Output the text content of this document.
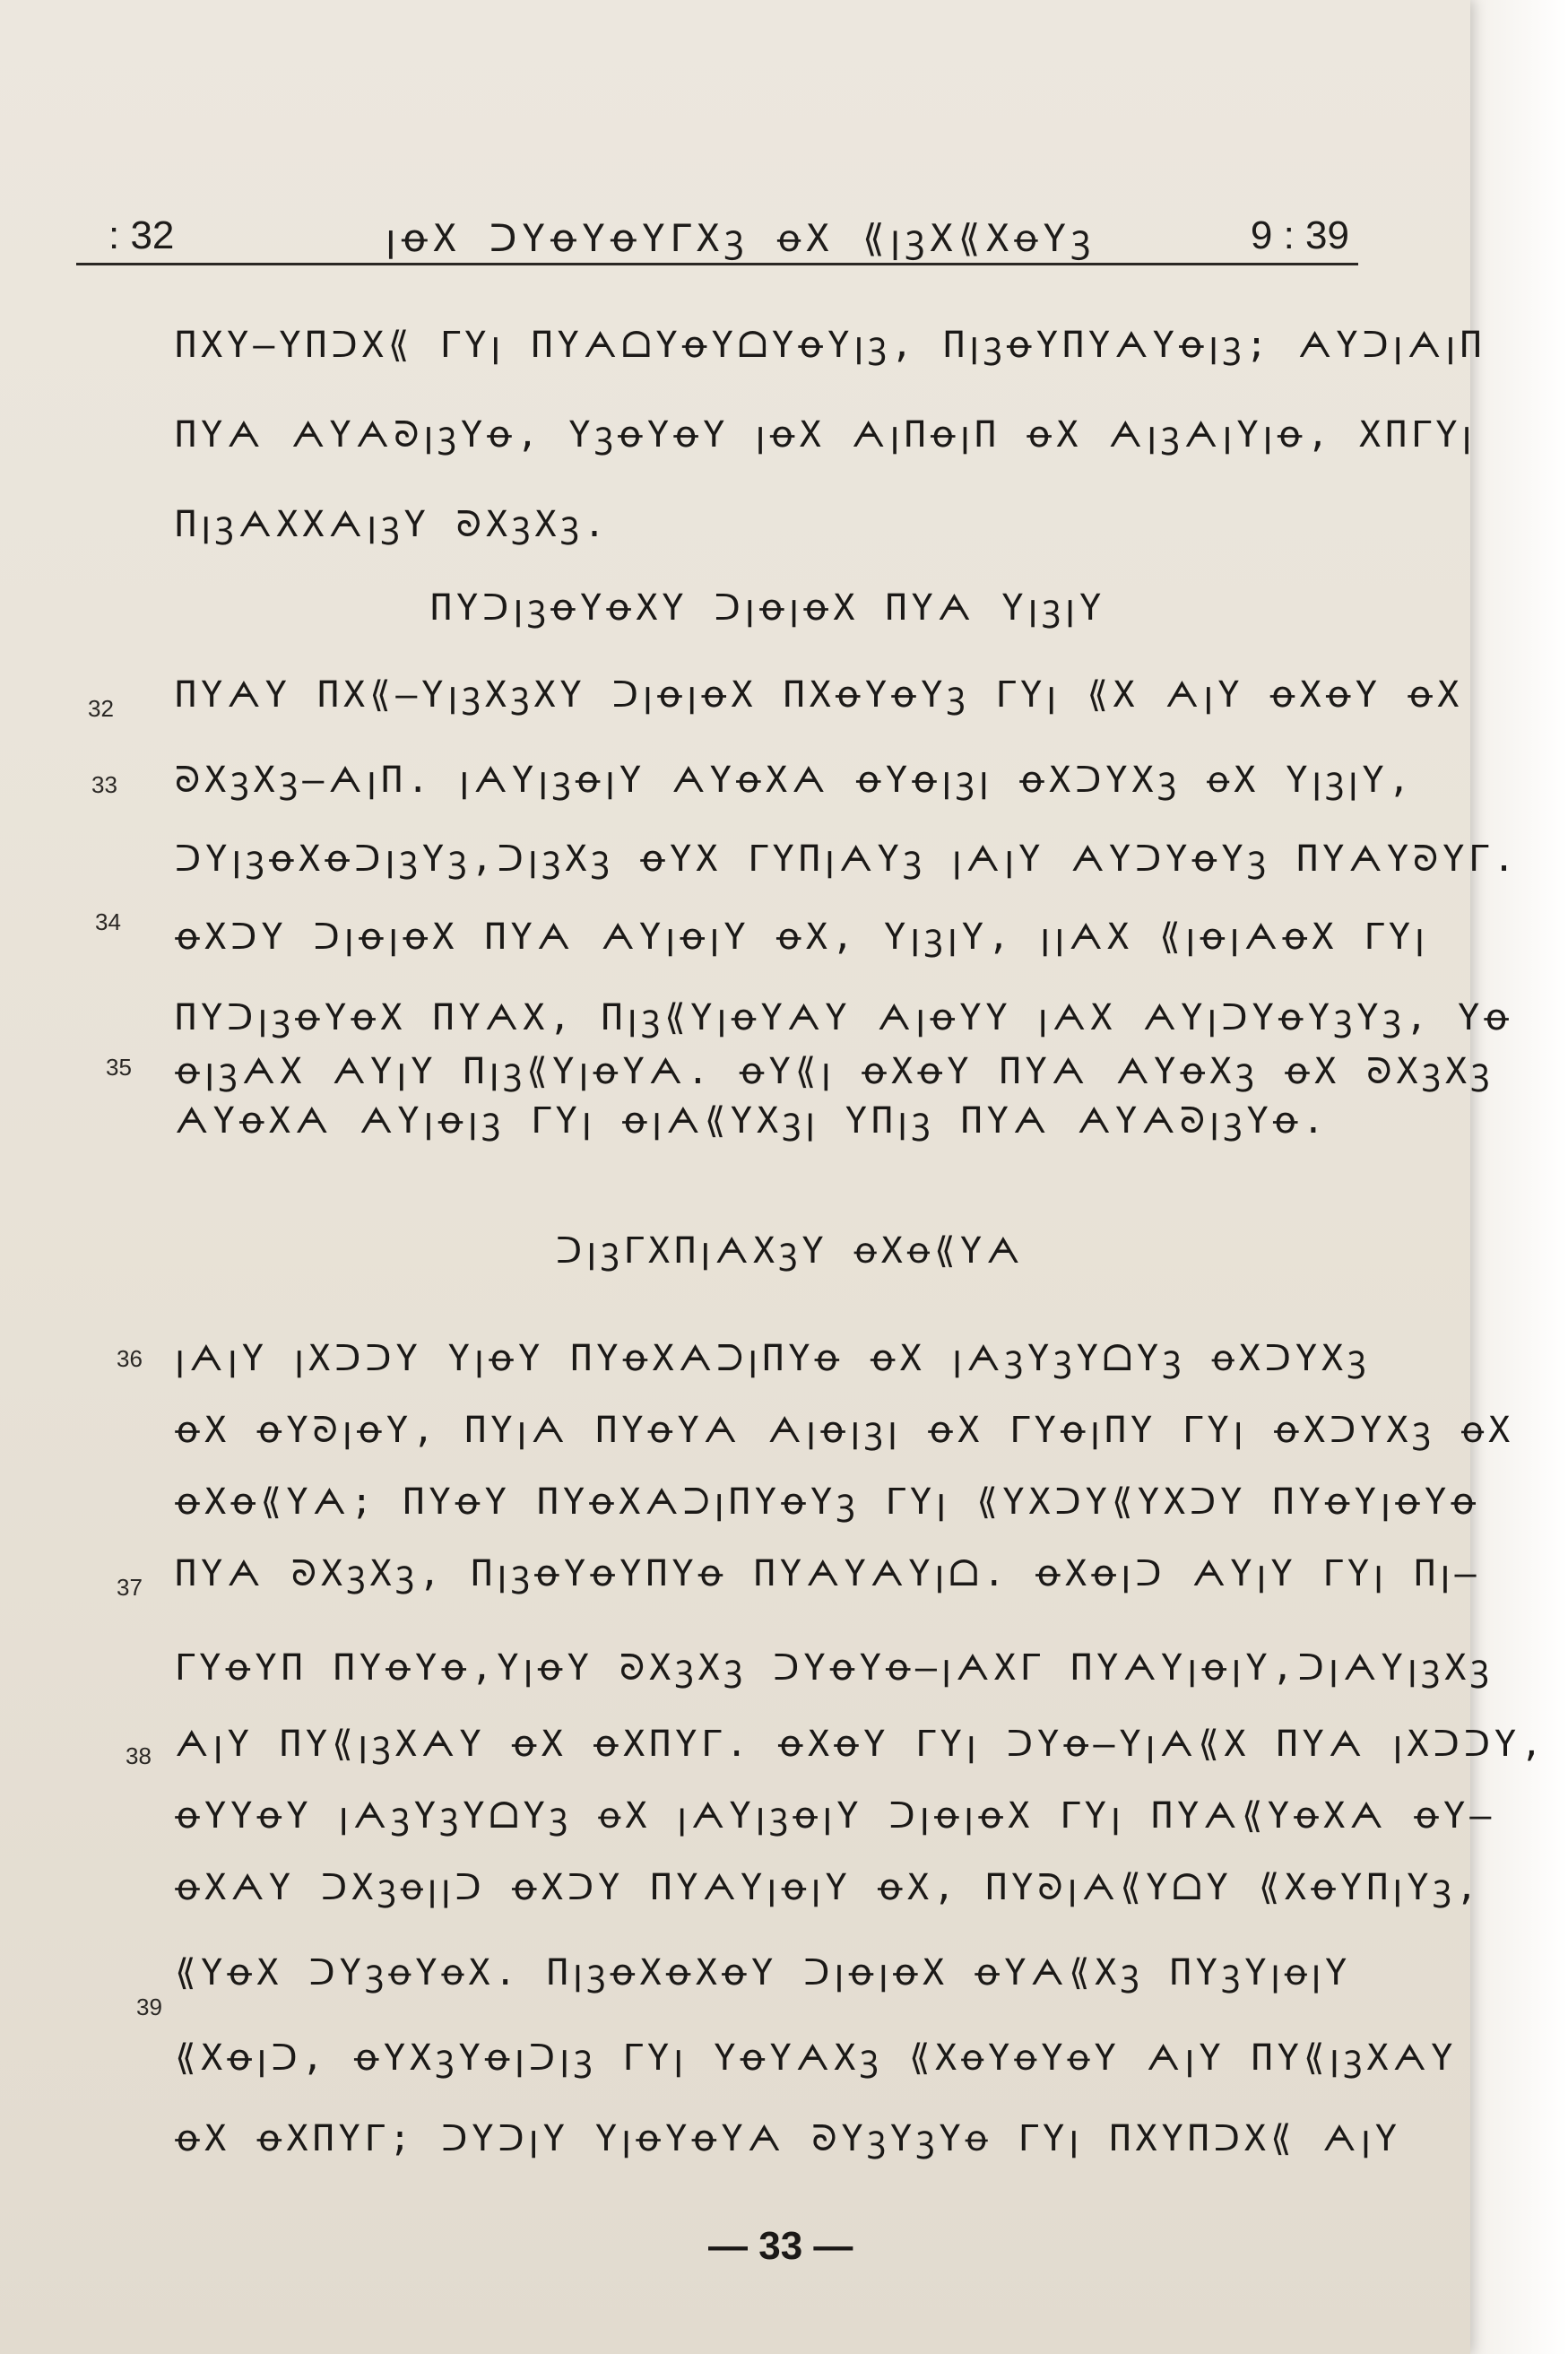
: 32	ꞁꝋX ᑐYꝋYꝋYᒥXꝫ ꝋX ⟪ꞁꝫX⟪XꝋYꝫ	9 : 39
ПXY–YПᑐX⟪ ᒥYꞁ ПYᗅᗝYꝋYᗝYꝋYꞁꝫ, ПꞁꝫꝋYПYᗅYꝋꞁꝫ; ᗅYᑐꞁᗅꞁП
ПYᗅ ᗅYᗅᘐꞁꝫYꝋ, YꝫꝋYꝋY ꞁꝋX ᗅꞁПꝋꞁП ꝋX ᗅꞁꝫᗅꞁYꞁꝋ, XПᒥYꞁ
ПꞁꝫᗅXXᗅꞁꝫY ᘐXꝫXꝫ.
ПYᑐꞁꝫꝋYꝋXY ᑐꞁꝋꞁꝋX ПYᗅ YꞁꝫꞁY
ПYᗅY ПX⟪–YꞁꝫXꝫXY ᑐꞁꝋꞁꝋX ПXꝋYꝋYꝫ ᒥYꞁ ⟪X ᗅꞁY ꝋXꝋY ꝋX
ᘐXꝫXꝫ–ᗅꞁП. ꞁᗅYꞁꝫꝋꞁY ᗅYꝋXᗅ ꝋYꝋꞁꝫꞁ ꝋXᑐYXꝫ ꝋX YꞁꝫꞁY,
ᑐYꞁꝫꝋXꝋᑐꞁꝫYꝫ,ᑐꞁꝫXꝫ ꝋYX ᒥYПꞁᗅYꝫ ꞁᗅꞁY ᗅYᑐYꝋYꝫ ПYᗅYᘐYᒥ.
ꝋXᑐY ᑐꞁꝋꞁꝋX ПYᗅ ᗅYꞁꝋꞁY ꝋX, YꞁꝫꞁY, ꞁꞁᗅX ⟪ꞁꝋꞁᗅꝋX ᒥYꞁ
ПYᑐꞁꝫꝋYꝋX ПYᗅX, Пꞁꝫ⟪YꞁꝋYᗅY ᗅꞁꝋYY ꞁᗅX ᗅYꞁᑐYꝋYꝫYꝫ, Yꝋ
ꝋꞁꝫᗅX ᗅYꞁY Пꞁꝫ⟪YꞁꝋYᗅ. ꝋY⟪ꞁ ꝋXꝋY ПYᗅ ᗅYꝋXꝫ ꝋX ᘐXꝫXꝫ
ᗅYꝋXᗅ ᗅYꞁꝋꞁꝫ ᒥYꞁ ꝋꞁᗅ⟪YXꝫꞁ YПꞁꝫ ПYᗅ ᗅYᗅᘐꞁꝫYꝋ.
32
33
34
35
ᑐꞁꝫᒥXПꞁᗅXꝫY ꝋXꝋ⟪Yᗅ
ꞁᗅꞁY ꞁXᑐᑐY YꞁꝋY ПYꝋXᗅᑐꞁПYꝋ ꝋX ꞁᗅꝫYꝫYᗝYꝫ ꝋXᑐYXꝫ
ꝋX ꝋYᘐꞁꝋY, ПYꞁᗅ ПYꝋYᗅ ᗅꞁꝋꞁꝫꞁ ꝋX ᒥYꝋꞁПY ᒥYꞁ ꝋXᑐYXꝫ ꝋX
ꝋXꝋ⟪Yᗅ; ПYꝋY ПYꝋXᗅᑐꞁПYꝋYꝫ ᒥYꞁ ⟪YXᑐY⟪YXᑐY ПYꝋYꞁꝋYꝋ
ПYᗅ ᘐXꝫXꝫ, ПꞁꝫꝋYꝋYПYꝋ ПYᗅYᗅYꞁᗝ. ꝋXꝋꞁᑐ ᗅYꞁY ᒥYꞁ Пꞁ–
ᒥYꝋYП ПYꝋYꝋ,YꞁꝋY ᘐXꝫXꝫ ᑐYꝋYꝋ–ꞁᗅXᒥ ПYᗅYꞁꝋꞁY,ᑐꞁᗅYꞁꝫXꝫ
ᗅꞁY ПY⟪ꞁꝫXᗅY ꝋX ꝋXПYᒥ. ꝋXꝋY ᒥYꞁ ᑐYꝋ–Yꞁᗅ⟪X ПYᗅ ꞁXᑐᑐY,
ꝋYYꝋY ꞁᗅꝫYꝫYᗝYꝫ ꝋX ꞁᗅYꞁꝫꝋꞁY ᑐꞁꝋꞁꝋX ᒥYꞁ ПYᗅ⟪YꝋXᗅ ꝋY–
ꝋXᗅY ᑐXꝫꝋꞁꞁᑐ ꝋXᑐY ПYᗅYꞁꝋꞁY ꝋX, ПYᘐꞁᗅ⟪YᗝY ⟪XꝋYПꞁYꝫ,
⟪YꝋX ᑐYꝫꝋYꝋX. ПꞁꝫꝋXꝋXꝋY ᑐꞁꝋꞁꝋX ꝋYᗅ⟪Xꝫ ПYꝫYꞁꝋꞁY
⟪Xꝋꞁᑐ, ꝋYXꝫYꝋꞁᑐꞁꝫ ᒥYꞁ YꝋYᗅXꝫ ⟪XꝋYꝋYꝋY ᗅꞁY ПY⟪ꞁꝫXᗅY
ꝋX ꝋXПYᒥ; ᑐYᑐꞁY YꞁꝋYꝋYᗅ ᘐYꝫYꝫYꝋ ᒥYꞁ ПXYПᑐX⟪ ᗅꞁY
36
37
38
39
— 33 —
